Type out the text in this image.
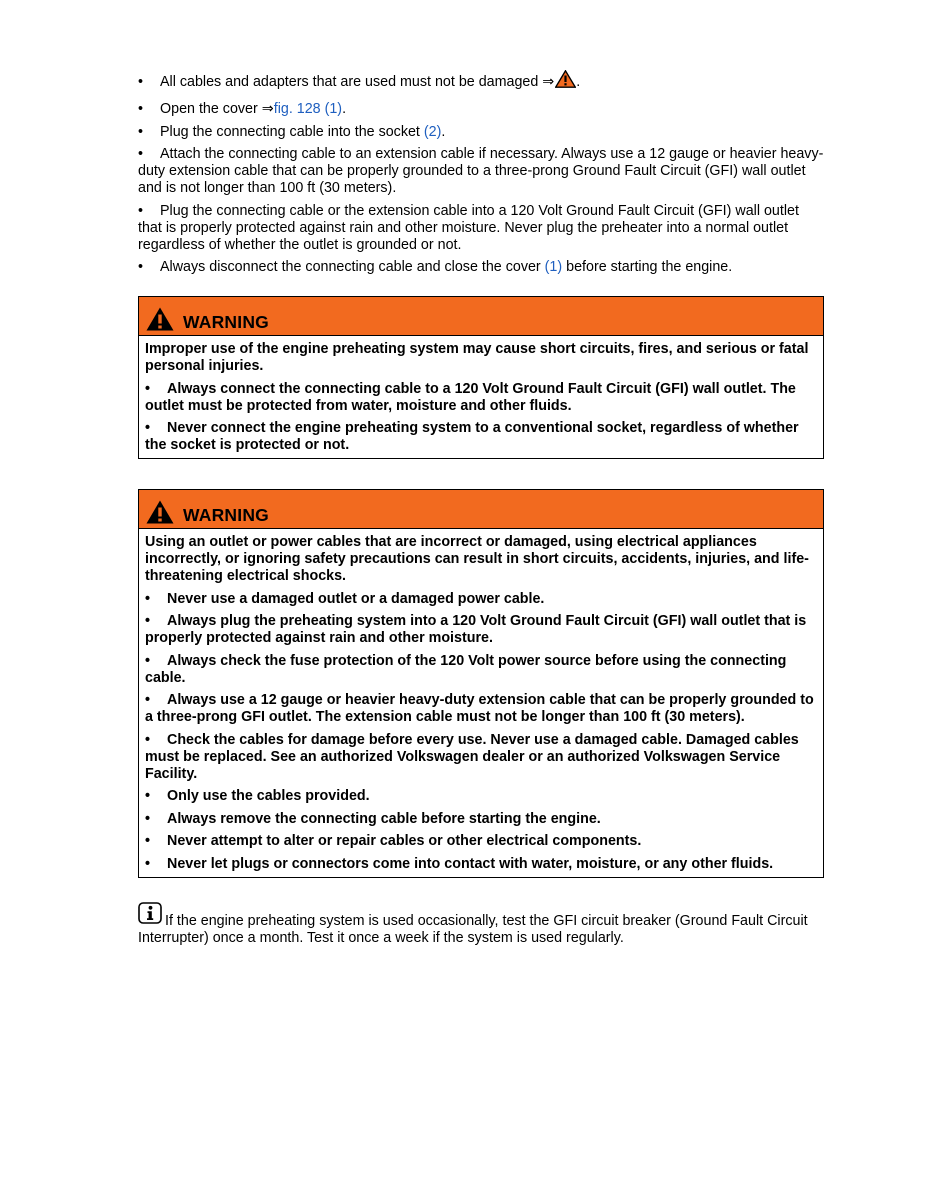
• All cables and adapters that are used must not be damaged ⇒ .

• Open the cover ⇒fig. 128 (1).

• Plug the connecting cable into the socket (2).

• Attach the connecting cable to an extension cable if necessary. Always use a 12 gauge or heavier heavy-duty extension cable that can be properly grounded to a three-prong Ground Fault Circuit (GFI) wall outlet and is not longer than 100 ft (30 meters).

• Plug the connecting cable or the extension cable into a 120 Volt Ground Fault Circuit (GFI) wall outlet that is properly protected against rain and other moisture. Never plug the preheater into a normal outlet regardless of whether the outlet is grounded or not.

• Always disconnect the connecting cable and close the cover (1) before starting the engine.

WARNING

Improper use of the engine preheating system may cause short circuits, fires, and serious or fatal personal injuries.

• Always connect the connecting cable to a 120 Volt Ground Fault Circuit (GFI) wall outlet. The outlet must be protected from water, moisture and other fluids.

• Never connect the engine preheating system to a conventional socket, regardless of whether the socket is protected or not.

WARNING

Using an outlet or power cables that are incorrect or damaged, using electrical appliances incorrectly, or ignoring safety precautions can result in short circuits, accidents, injuries, and life-threatening electrical shocks.

• Never use a damaged outlet or a damaged power cable.

• Always plug the preheating system into a 120 Volt Ground Fault Circuit (GFI) wall outlet that is properly protected against rain and other moisture.

• Always check the fuse protection of the 120 Volt power source before using the connecting cable.

• Always use a 12 gauge or heavier heavy-duty extension cable that can be properly grounded to a three-prong GFI outlet. The extension cable must not be longer than 100 ft (30 meters).

• Check the cables for damage before every use. Never use a damaged cable. Damaged cables must be replaced. See an authorized Volkswagen dealer or an authorized Volkswagen Service Facility.

• Only use the cables provided.

• Always remove the connecting cable before starting the engine.

• Never attempt to alter or repair cables or other electrical components.

• Never let plugs or connectors come into contact with water, moisture, or any other fluids.

If the engine preheating system is used occasionally, test the GFI circuit breaker (Ground Fault Circuit Interrupter) once a month. Test it once a week if the system is used regularly.
